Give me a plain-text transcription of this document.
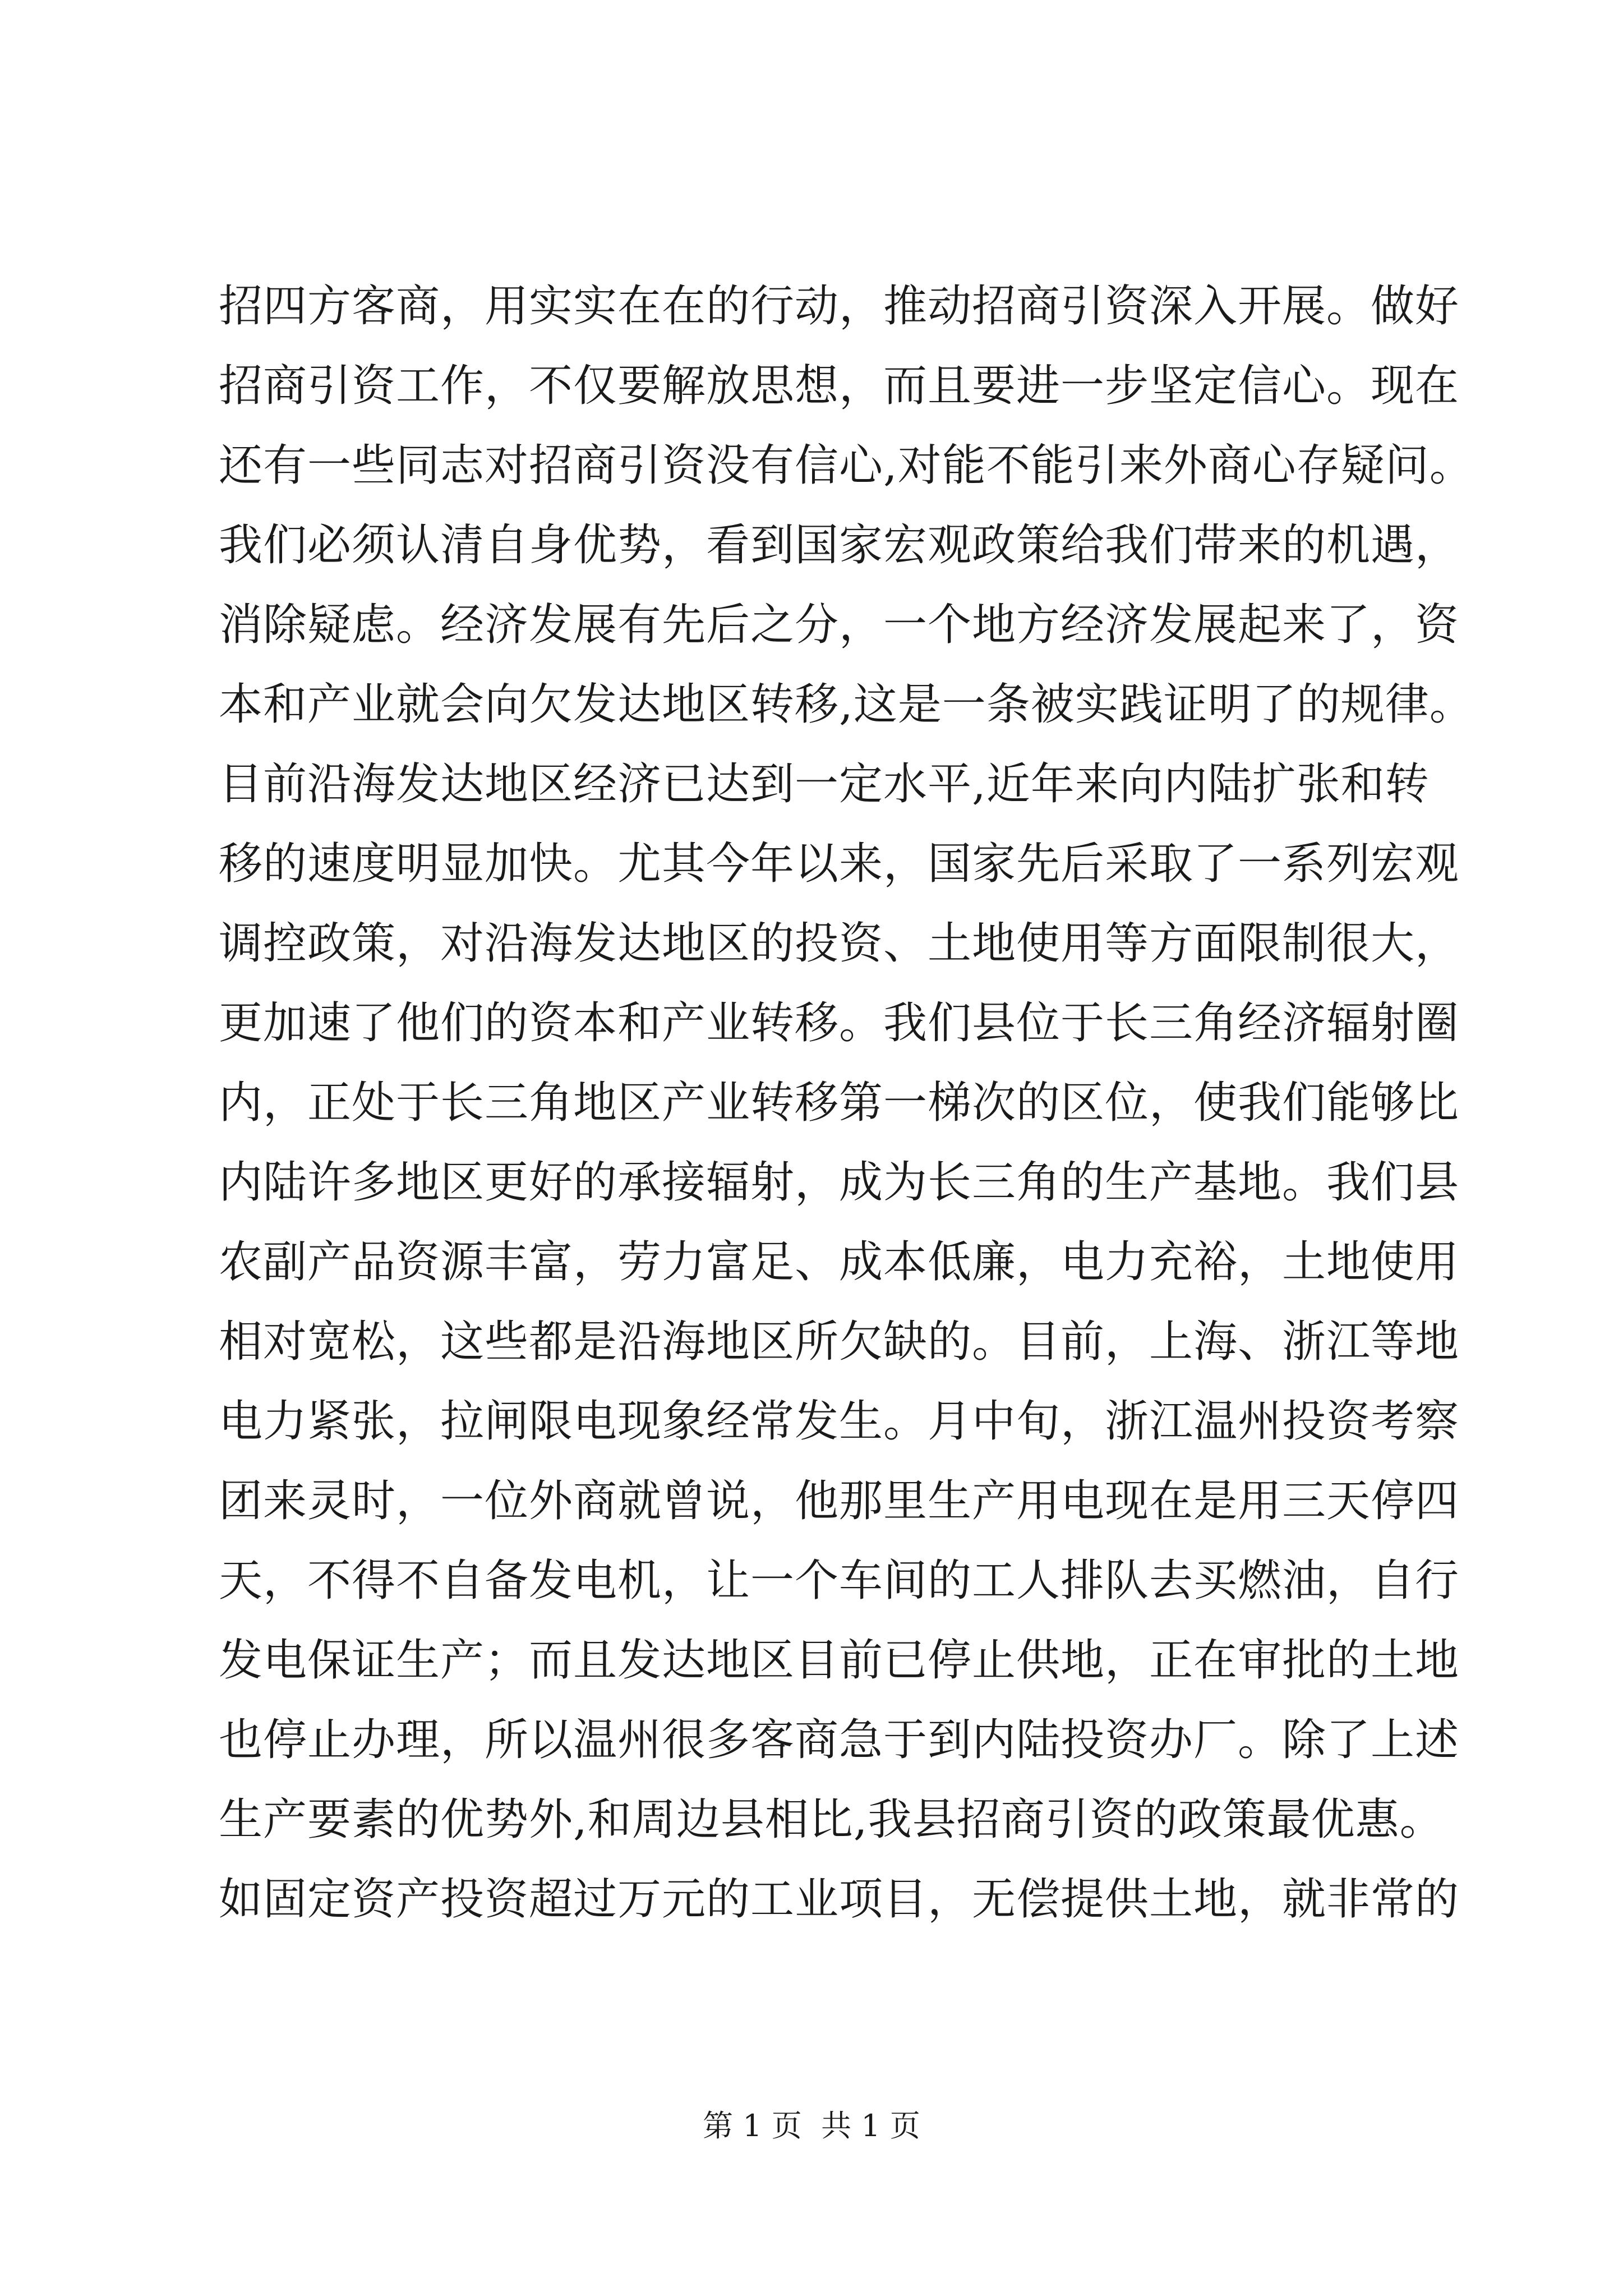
招四方客商，用实实在在的行动，推动招商引资深入开展。做好
招商引资工作，不仅要解放思想，而且要进一步坚定信心。现在
还有一些同志对招商引资没有信心,对能不能引来外商心存疑问。
我们必须认清自身优势，看到国家宏观政策给我们带来的机遇，
消除疑虑。经济发展有先后之分，一个地方经济发展起来了，资
本和产业就会向欠发达地区转移,这是一条被实践证明了的规律。
目前沿海发达地区经济已达到一定水平,近年来向内陆扩张和转
移的速度明显加快。尤其今年以来，国家先后采取了一系列宏观
调控政策，对沿海发达地区的投资、土地使用等方面限制很大，
更加速了他们的资本和产业转移。我们县位于长三角经济辐射圈
内，正处于长三角地区产业转移第一梯次的区位，使我们能够比
内陆许多地区更好的承接辐射，成为长三角的生产基地。我们县
农副产品资源丰富，劳力富足、成本低廉，电力充裕，土地使用
相对宽松，这些都是沿海地区所欠缺的。目前，上海、浙江等地
电力紧张，拉闸限电现象经常发生。月中旬，浙江温州投资考察
团来灵时，一位外商就曾说，他那里生产用电现在是用三天停四
天，不得不自备发电机，让一个车间的工人排队去买燃油，自行
发电保证生产；而且发达地区目前已停止供地，正在审批的土地
也停止办理，所以温州很多客商急于到内陆投资办厂。除了上述
生产要素的优势外,和周边县相比,我县招商引资的政策最优惠。
如固定资产投资超过万元的工业项目，无偿提供土地，就非常的
第 1 页  共 1 页
